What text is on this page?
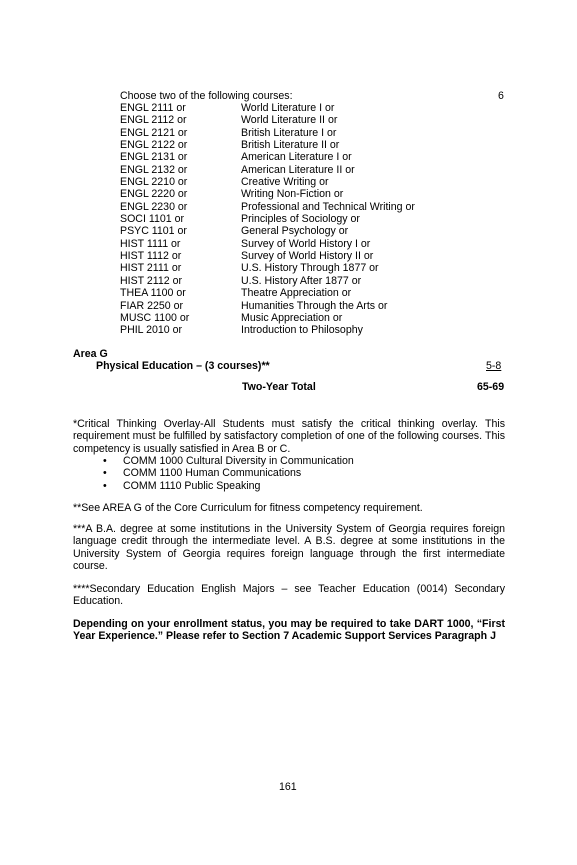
Choose two of the following courses:	6
ENGL 2111 or	World Literature I or
ENGL 2112 or	World Literature II or
ENGL 2121 or	British Literature I or
ENGL 2122 or	British Literature II or
ENGL 2131 or	American Literature I or
ENGL 2132 or	American Literature II or
ENGL 2210 or	Creative Writing or
ENGL 2220 or	Writing Non-Fiction or
ENGL 2230 or	Professional and Technical Writing or
SOCI 1101 or	Principles of Sociology or
PSYC 1101 or	General Psychology or
HIST 1111 or	Survey of World History I or
HIST 1112 or	Survey of World History II or
HIST 2111 or	U.S. History Through 1877 or
HIST 2112 or	U.S. History After 1877 or
THEA 1100 or	Theatre Appreciation or
FIAR 2250 or	Humanities Through the Arts or
MUSC 1100 or	Music Appreciation or
PHIL 2010 or	Introduction to Philosophy
Area G
Physical Education – (3 courses)**	5-8
Two-Year Total	65-69
*Critical Thinking Overlay-All Students must satisfy the critical thinking overlay. This requirement must be fulfilled by satisfactory completion of one of the following courses. This competency is usually satisfied in Area B or C.
• COMM 1000 Cultural Diversity in Communication
• COMM 1100 Human Communications
• COMM 1110 Public Speaking
**See AREA G of the Core Curriculum for fitness competency requirement.
***A B.A. degree at some institutions in the University System of Georgia requires foreign language credit through the intermediate level. A B.S. degree at some institutions in the University System of Georgia requires foreign language through the first intermediate course.
****Secondary Education English Majors – see Teacher Education (0014) Secondary Education.
Depending on your enrollment status, you may be required to take DART 1000, “First Year Experience.” Please refer to Section 7 Academic Support Services Paragraph J
161
